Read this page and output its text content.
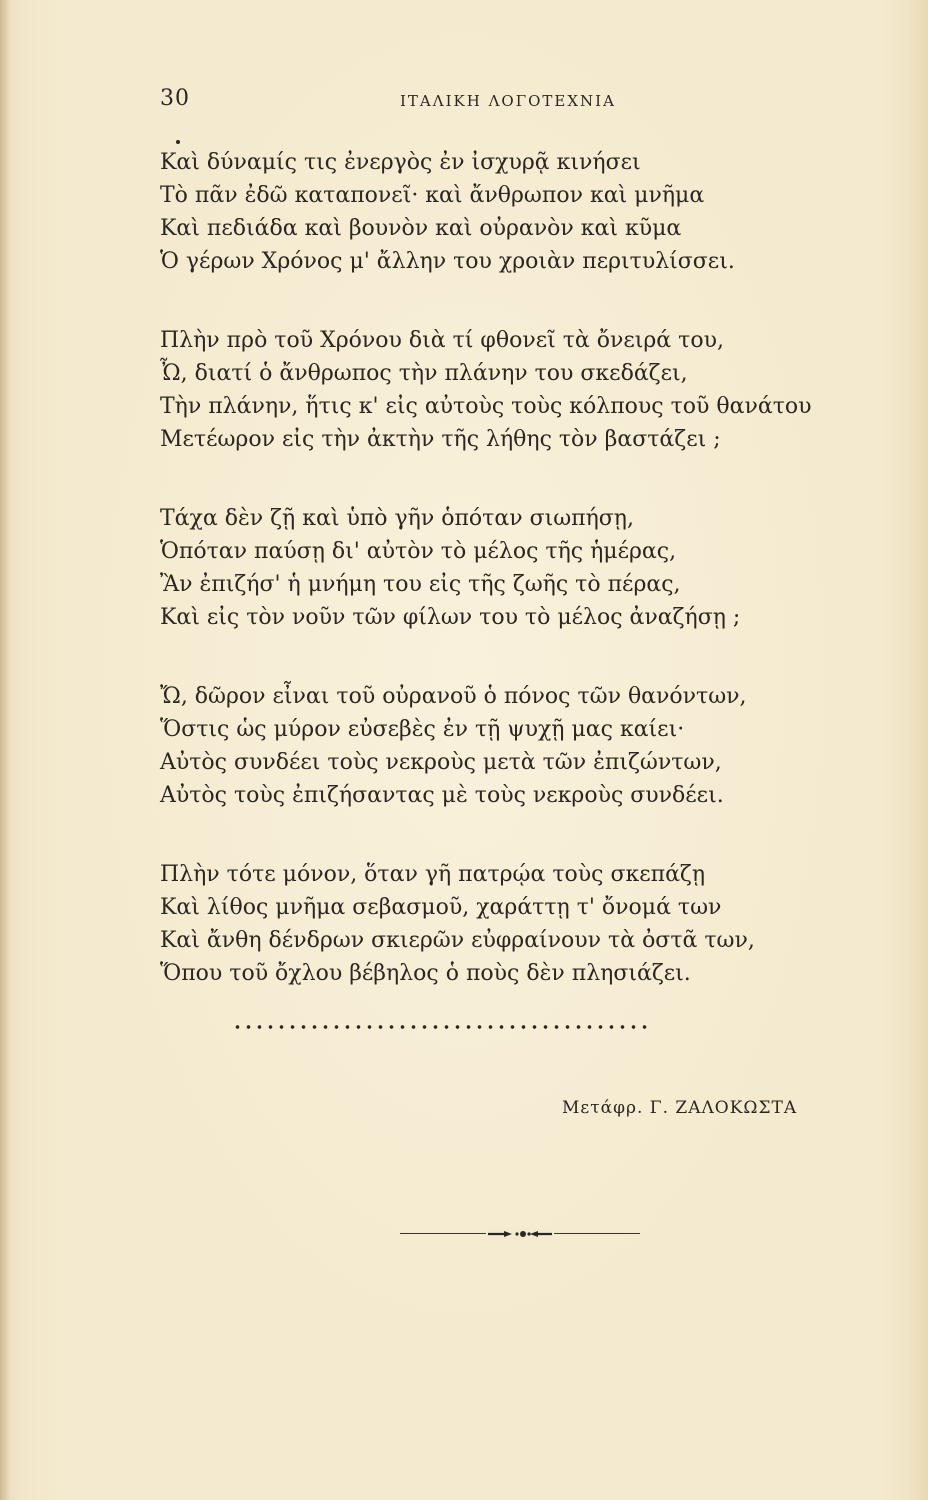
30	ΙΤΑΛΙΚΗ ΛΟΓΟΤΕΧΝΙΑ
Καὶ δύναμίς τις ἐνεργὸς ἐν ἰσχυρᾷ κινήσει
Τὸ πᾶν ἐδῶ καταπονεῖ· καὶ ἄνθρωπον καὶ μνῆμα
Καὶ πεδιάδα καὶ βουνὸν καὶ οὐρανὸν καὶ κῦμα
Ὁ γέρων Χρόνος μ' ἄλλην του χροιὰν περιτυλίσσει.
Πλὴν πρὸ τοῦ Χρόνου διὰ τί φθονεῖ τὰ ὄνειρά του,
Ὦ, διατί ὁ ἄνθρωπος τὴν πλάνην του σκεδάζει,
Τὴν πλάνην, ἥτις κ' εἰς αὐτοὺς τοὺς κόλπους τοῦ θανάτου
Μετέωρον εἰς τὴν ἀκτὴν τῆς λήθης τὸν βαστάζει ;
Τάχα δὲν ζῇ καὶ ὑπὸ γῆν ὁπόταν σιωπήσῃ,
Ὁπόταν παύσῃ δι' αὐτὸν τὸ μέλος τῆς ἡμέρας,
Ἂν ἐπιζήσ' ἡ μνήμη του εἰς τῆς ζωῆς τὸ πέρας,
Καὶ εἰς τὸν νοῦν τῶν φίλων του τὸ μέλος ἀναζήσῃ ;
Ὤ, δῶρον εἶναι τοῦ οὐρανοῦ ὁ πόνος τῶν θανόντων,
Ὅστις ὡς μύρον εὐσεβὲς ἐν τῇ ψυχῇ μας καίει·
Αὐτὸς συνδέει τοὺς νεκροὺς μετὰ τῶν ἐπιζώντων,
Αὐτὸς τοὺς ἐπιζήσαντας μὲ τοὺς νεκροὺς συνδέει.
Πλὴν τότε μόνον, ὅταν γῆ πατρῴα τοὺς σκεπάζῃ
Καὶ λίθος μνῆμα σεβασμοῦ, χαράττῃ τ' ὄνομά των
Καὶ ἄνθη δένδρων σκιερῶν εὐφραίνουν τὰ ὀστᾶ των,
Ὅπου τοῦ ὄχλου βέβηλος ὁ ποὺς δὲν πλησιάζει.
Μετάφρ. Γ. ΖΑΛΟΚΩΣΤΑ
